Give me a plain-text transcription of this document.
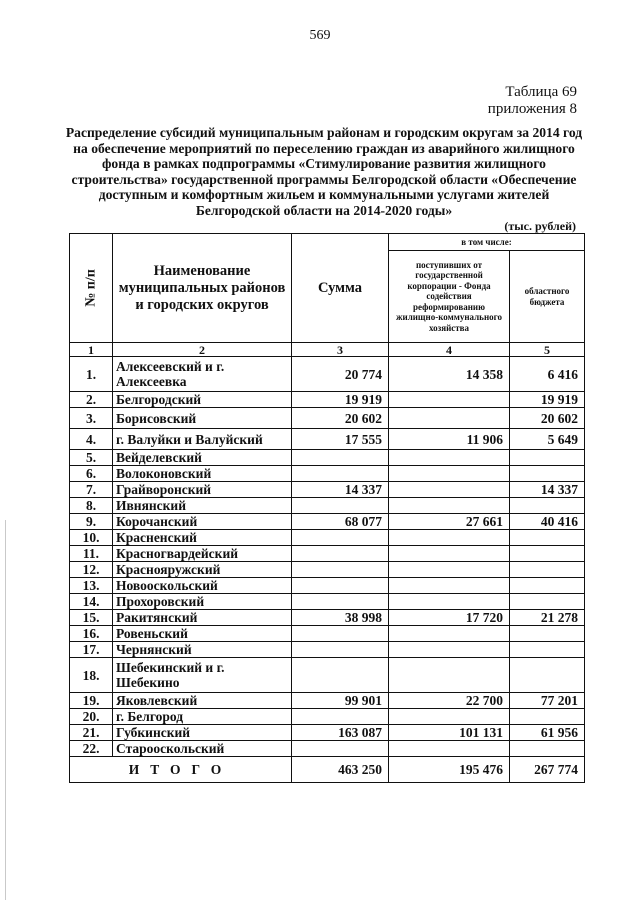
569
Таблица 69
приложения 8
Распределение субсидий муниципальным районам и городским округам за 2014 год на обеспечение мероприятий по переселению граждан из аварийного жилищного фонда в рамках подпрограммы «Стимулирование развития жилищного строительства» государственной программы Белгородской области «Обеспечение доступным и комфортным жильем и коммунальными услугами жителей Белгородской области на 2014-2020 годы»
(тыс. рублей)
№ п/п	Наименование муниципальных районов и городских округов	Сумма	в том числе:	
			поступивших от государственной корпорации - Фонда содействия реформированию жилищно-коммунального хозяйства	областного бюджета
1	2	3	4	5
1.	Алексеевский и г. Алексеевка	20 774	14 358	6 416
2.	Белгородский	19 919		19 919
3.	Борисовский	20 602		20 602
4.	г. Валуйки и Валуйский	17 555	11 906	5 649
5.	Вейделевский			
6.	Волоконовский			
7.	Грайворонский	14 337		14 337
8.	Ивнянский			
9.	Корочанский	68 077	27 661	40 416
10.	Красненский			
11.	Красногвардейский			
12.	Краснояружский			
13.	Новооскольский			
14.	Прохоровский			
15.	Ракитянский	38 998	17 720	21 278
16.	Ровеньский			
17.	Чернянский			
18.	Шебекинский и г. Шебекино			
19.	Яковлевский	99 901	22 700	77 201
20.	г. Белгород			
21.	Губкинский	163 087	101 131	61 956
22.	Старооскольский			
ИТОГО		463 250	195 476	267 774
